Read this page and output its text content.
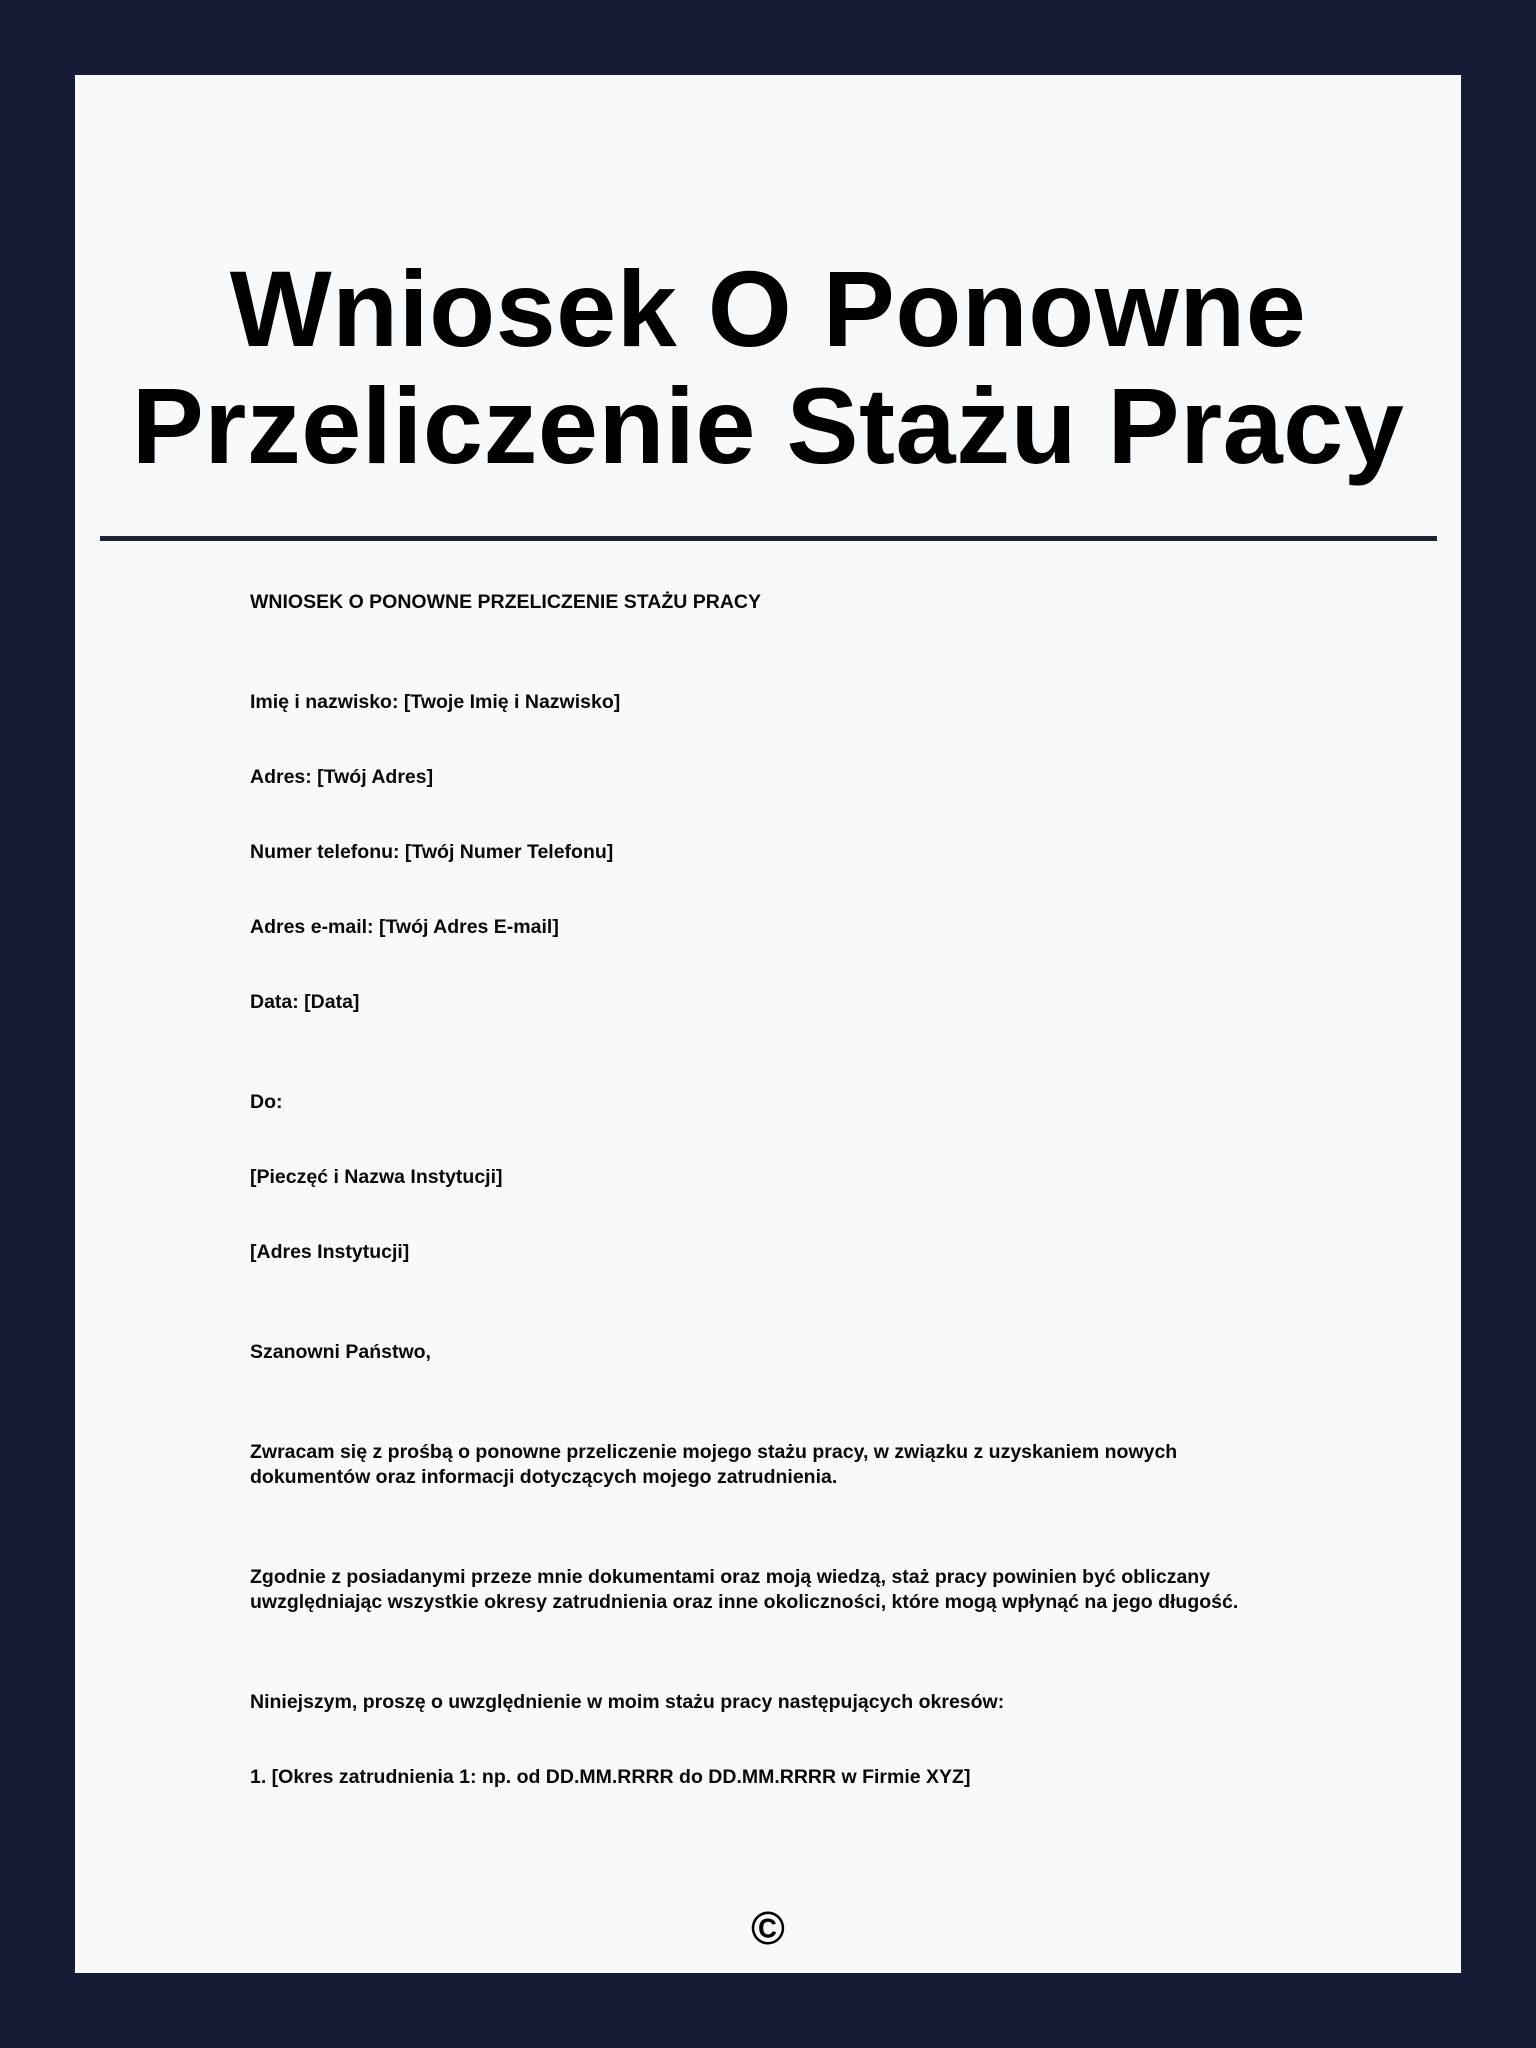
Wniosek O Ponowne
Przeliczenie Stażu Pracy

WNIOSEK O PONOWNE PRZELICZENIE STAŻU PRACY

Imię i nazwisko: [Twoje Imię i Nazwisko]

Adres: [Twój Adres]

Numer telefonu: [Twój Numer Telefonu]

Adres e-mail: [Twój Adres E-mail]

Data: [Data]

Do:

[Pieczęć i Nazwa Instytucji]

[Adres Instytucji]

Szanowni Państwo,

Zwracam się z prośbą o ponowne przeliczenie mojego stażu pracy, w związku z uzyskaniem nowych

dokumentów oraz informacji dotyczących mojego zatrudnienia.

Zgodnie z posiadanymi przeze mnie dokumentami oraz moją wiedzą, staż pracy powinien być obliczany

uwzględniając wszystkie okresy zatrudnienia oraz inne okoliczności, które mogą wpłynąć na jego długość.

Niniejszym, proszę o uwzględnienie w moim stażu pracy następujących okresów:

1. [Okres zatrudnienia 1: np. od DD.MM.RRRR do DD.MM.RRRR w Firmie XYZ]

©
